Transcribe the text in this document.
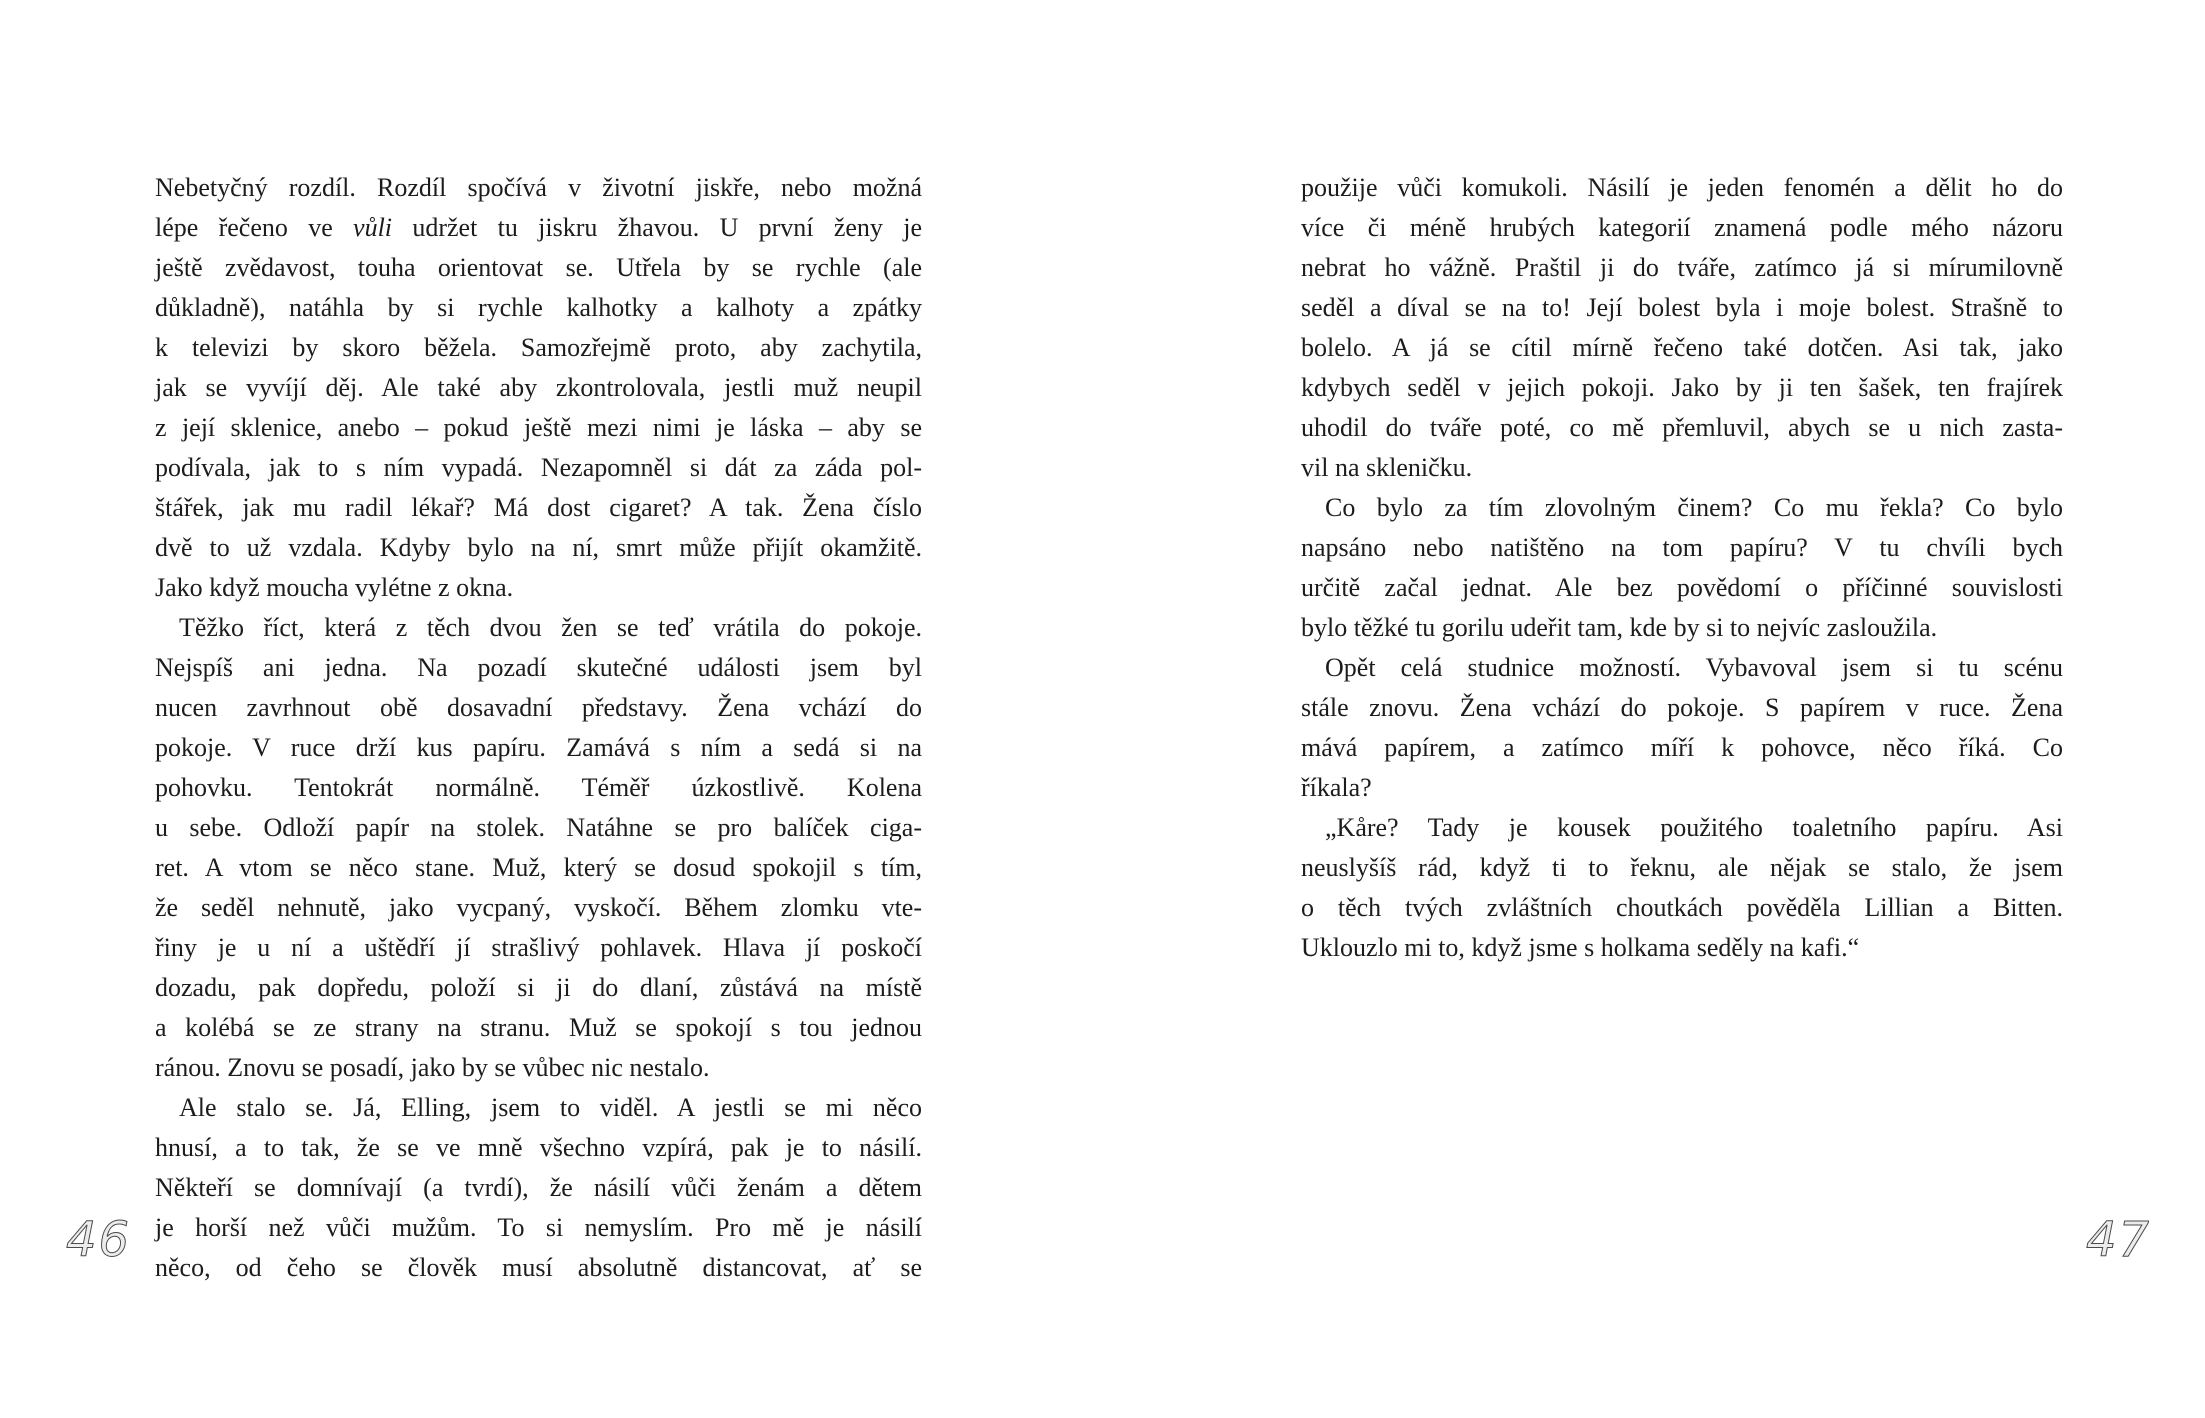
Nebetyčný rozdíl. Rozdíl spočívá v životní jiskře, nebo možná
lépe řečeno ve vůli udržet tu jiskru žhavou. U první ženy je
ještě zvědavost, touha orientovat se. Utřela by se rychle (ale
důkladně), natáhla by si rychle kalhotky a kalhoty a zpátky
k televizi by skoro běžela. Samozřejmě proto, aby zachytila,
jak se vyvíjí děj. Ale také aby zkontrolovala, jestli muž neupil
z její sklenice, anebo – pokud ještě mezi nimi je láska – aby se
podívala, jak to s ním vypadá. Nezapomněl si dát za záda pol-
štářek, jak mu radil lékař? Má dost cigaret? A tak. Žena číslo
dvě to už vzdala. Kdyby bylo na ní, smrt může přijít okamžitě.
Jako když moucha vylétne z okna.
Těžko říct, která z těch dvou žen se teď vrátila do pokoje.
Nejspíš ani jedna. Na pozadí skutečné události jsem byl
nucen zavrhnout obě dosavadní představy. Žena vchází do
pokoje. V ruce drží kus papíru. Zamává s ním a sedá si na
pohovku. Tentokrát normálně. Téměř úzkostlivě. Kolena
u sebe. Odloží papír na stolek. Natáhne se pro balíček ciga-
ret. A vtom se něco stane. Muž, který se dosud spokojil s tím,
že seděl nehnutě, jako vycpaný, vyskočí. Během zlomku vte-
řiny je u ní a uštědří jí strašlivý pohlavek. Hlava jí poskočí
dozadu, pak dopředu, položí si ji do dlaní, zůstává na místě
a kolébá se ze strany na stranu. Muž se spokojí s tou jednou
ránou. Znovu se posadí, jako by se vůbec nic nestalo.
Ale stalo se. Já, Elling, jsem to viděl. A jestli se mi něco
hnusí, a to tak, že se ve mně všechno vzpírá, pak je to násilí.
Někteří se domnívají (a tvrdí), že násilí vůči ženám a dětem
je horší než vůči mužům. To si nemyslím. Pro mě je násilí
něco, od čeho se člověk musí absolutně distancovat, ať se
46
použije vůči komukoli. Násilí je jeden fenomén a dělit ho do
více či méně hrubých kategorií znamená podle mého názoru
nebrat ho vážně. Praštil ji do tváře, zatímco já si mírumilovně
seděl a díval se na to! Její bolest byla i moje bolest. Strašně to
bolelo. A já se cítil mírně řečeno také dotčen. Asi tak, jako
kdybych seděl v jejich pokoji. Jako by ji ten šašek, ten frajírek
uhodil do tváře poté, co mě přemluvil, abych se u nich zasta-
vil na skleničku.
Co bylo za tím zlovolným činem? Co mu řekla? Co bylo
napsáno nebo natištěno na tom papíru? V tu chvíli bych
určitě začal jednat. Ale bez povědomí o příčinné souvislosti
bylo těžké tu gorilu udeřit tam, kde by si to nejvíc zasloužila.
Opět celá studnice možností. Vybavoval jsem si tu scénu
stále znovu. Žena vchází do pokoje. S papírem v ruce. Žena
mává papírem, a zatímco míří k pohovce, něco říká. Co
říkala?
„Kåre? Tady je kousek použitého toaletního papíru. Asi
neuslyšíš rád, když ti to řeknu, ale nějak se stalo, že jsem
o těch tvých zvláštních choutkách pověděla Lillian a Bitten.
Uklouzlo mi to, když jsme s holkama seděly na kafi.“
47
